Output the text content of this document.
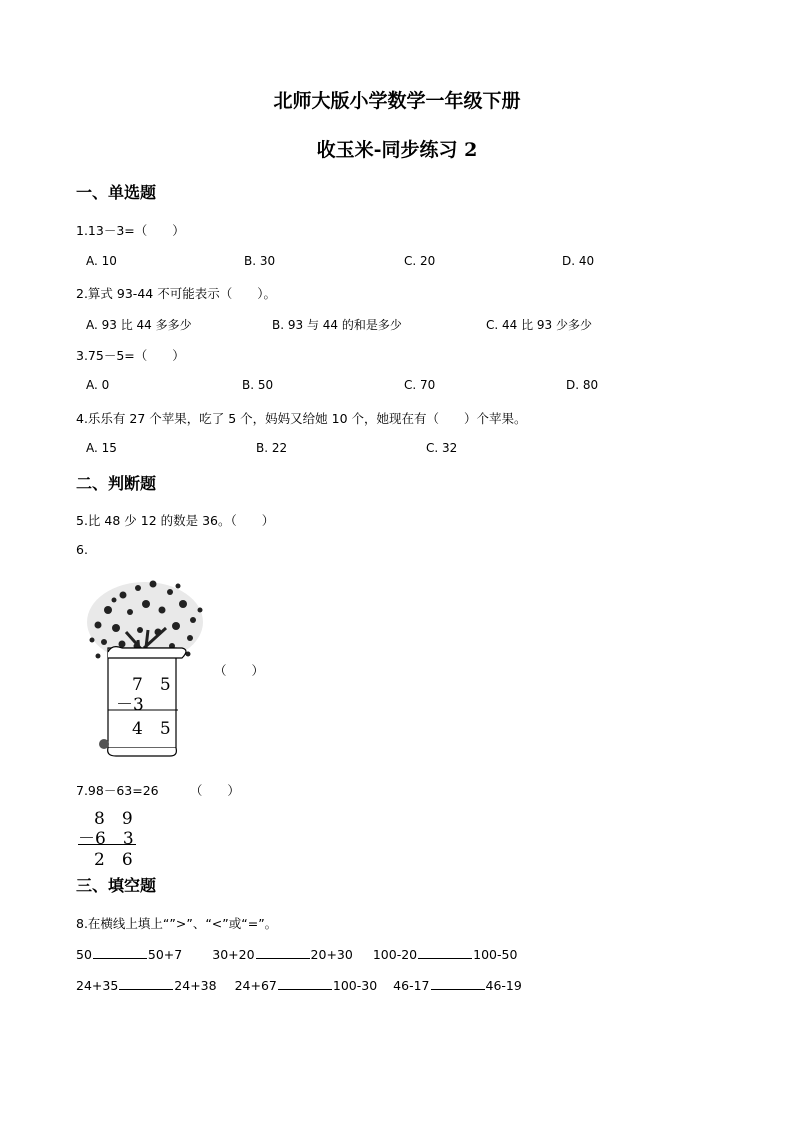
北师大版小学数学一年级下册
收玉米-同步练习 2
一、单选题
1.13－3=（　　）
A. 10	B. 30	C. 20	D. 40
2.算式 93-44 不可能表示（　　）。
A. 93 比 44 多多少	B. 93 与 44 的和是多少	C. 44 比 93 少多少
3.75－5=（　　）
A. 0	B. 50	C. 70	D. 80
4.乐乐有 27 个苹果，吃了 5 个，妈妈又给她 10 个，她现在有（　　）个苹果。
A. 15	B. 22	C. 32
二、判断题
5.比 48 少 12 的数是 36。（　　）
6.
7　5
－3
4　5
（　　）
7.98－63=26　　　（　　）
8　9
－6　3
2　6
三、填空题
8.在横线上填上“”>”、“<”或“=”。
50	50+7 30+20	20+30 100-20	100-50
24+35	24+38 24+67	100-30 46-17	46-19
